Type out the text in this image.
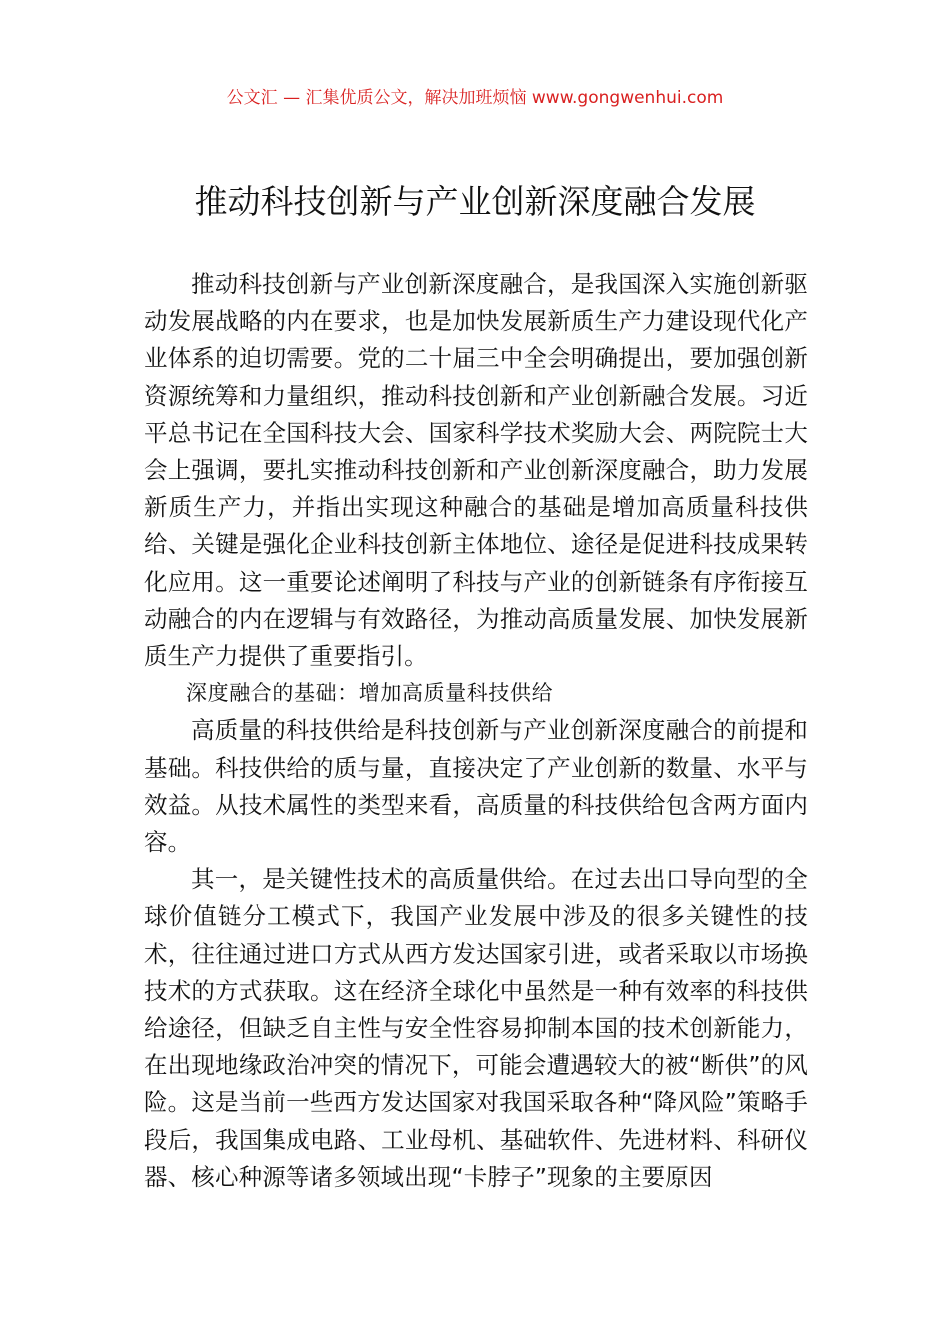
公文汇 — 汇集优质公文，解决加班烦恼 www.gongwenhui.com
推动科技创新与产业创新深度融合发展

推动科技创新与产业创新深度融合，是我国深入实施创新驱动发展战略的内在要求，也是加快发展新质生产力建设现代化产业体系的迫切需要。党的二十届三中全会明确提出，要加强创新资源统筹和力量组织，推动科技创新和产业创新融合发展。习近平总书记在全国科技大会、国家科学技术奖励大会、两院院士大会上强调，要扎实推动科技创新和产业创新深度融合，助力发展新质生产力，并指出实现这种融合的基础是增加高质量科技供给、关键是强化企业科技创新主体地位、途径是促进科技成果转化应用。这一重要论述阐明了科技与产业的创新链条有序衔接互动融合的内在逻辑与有效路径，为推动高质量发展、加快发展新质生产力提供了重要指引。

深度融合的基础：增加高质量科技供给

高质量的科技供给是科技创新与产业创新深度融合的前提和基础。科技供给的质与量，直接决定了产业创新的数量、水平与效益。从技术属性的类型来看，高质量的科技供给包含两方面内容。

其一，是关键性技术的高质量供给。在过去出口导向型的全球价值链分工模式下，我国产业发展中涉及的很多关键性的技术，往往通过进口方式从西方发达国家引进，或者采取以市场换技术的方式获取。这在经济全球化中虽然是一种有效率的科技供给途径，但缺乏自主性与安全性容易抑制本国的技术创新能力，在出现地缘政治冲突的情况下，可能会遭遇较大的被“断供”的风险。这是当前一些西方发达国家对我国采取各种“降风险”策略手段后，我国集成电路、工业母机、基础软件、先进材料、科研仪器、核心种源等诸多领域出现“卡脖子”现象的主要原因
